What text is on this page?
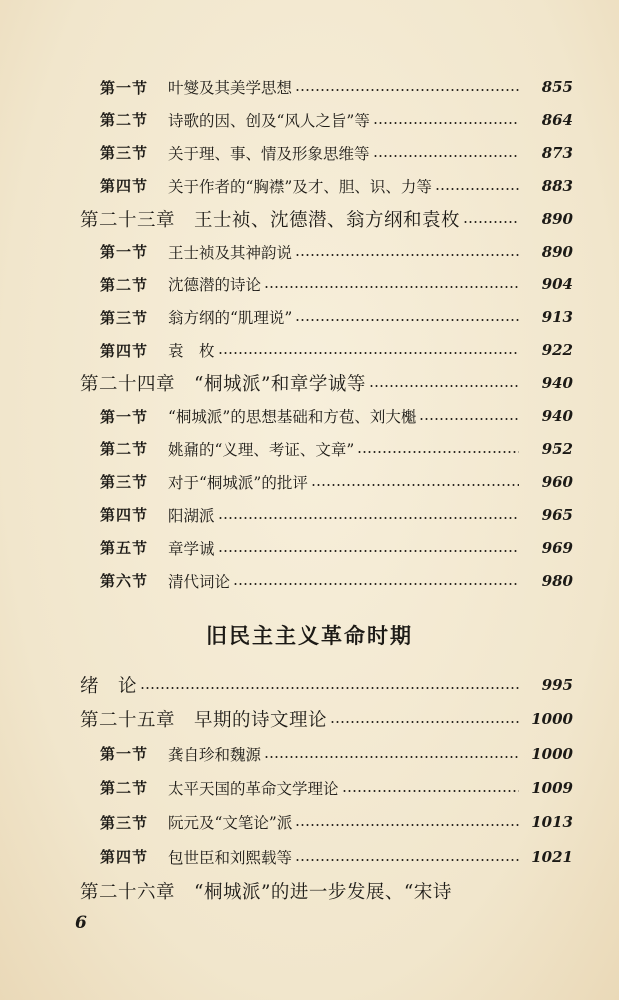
第一节	叶燮及其美学思想	855
第二节	诗歌的因、创及“风人之旨”等	864
第三节	关于理、事、情及形象思维等	873
第四节	关于作者的“胸襟”及才、胆、识、力等	883
第二十三章　王士祯、沈德潜、翁方纲和袁枚	890
第一节	王士祯及其神韵说	890
第二节	沈德潜的诗论	904
第三节	翁方纲的“肌理说”	913
第四节	袁　枚	922
第二十四章　“桐城派”和章学诚等	940
第一节	“桐城派”的思想基础和方苞、刘大櫆	940
第二节	姚鼐的“义理、考证、文章”	952
第三节	对于“桐城派”的批评	960
第四节	阳湖派	965
第五节	章学诚	969
第六节	清代词论	980
绪　论	995
第二十五章　早期的诗文理论	1000
第一节	龚自珍和魏源	1000
第二节	太平天国的革命文学理论	1009
第三节	阮元及“文笔论”派	1013
第四节	包世臣和刘熙载等	1021
第二十六章　“桐城派”的进一步发展、“宋诗
旧民主主义革命时期
6
